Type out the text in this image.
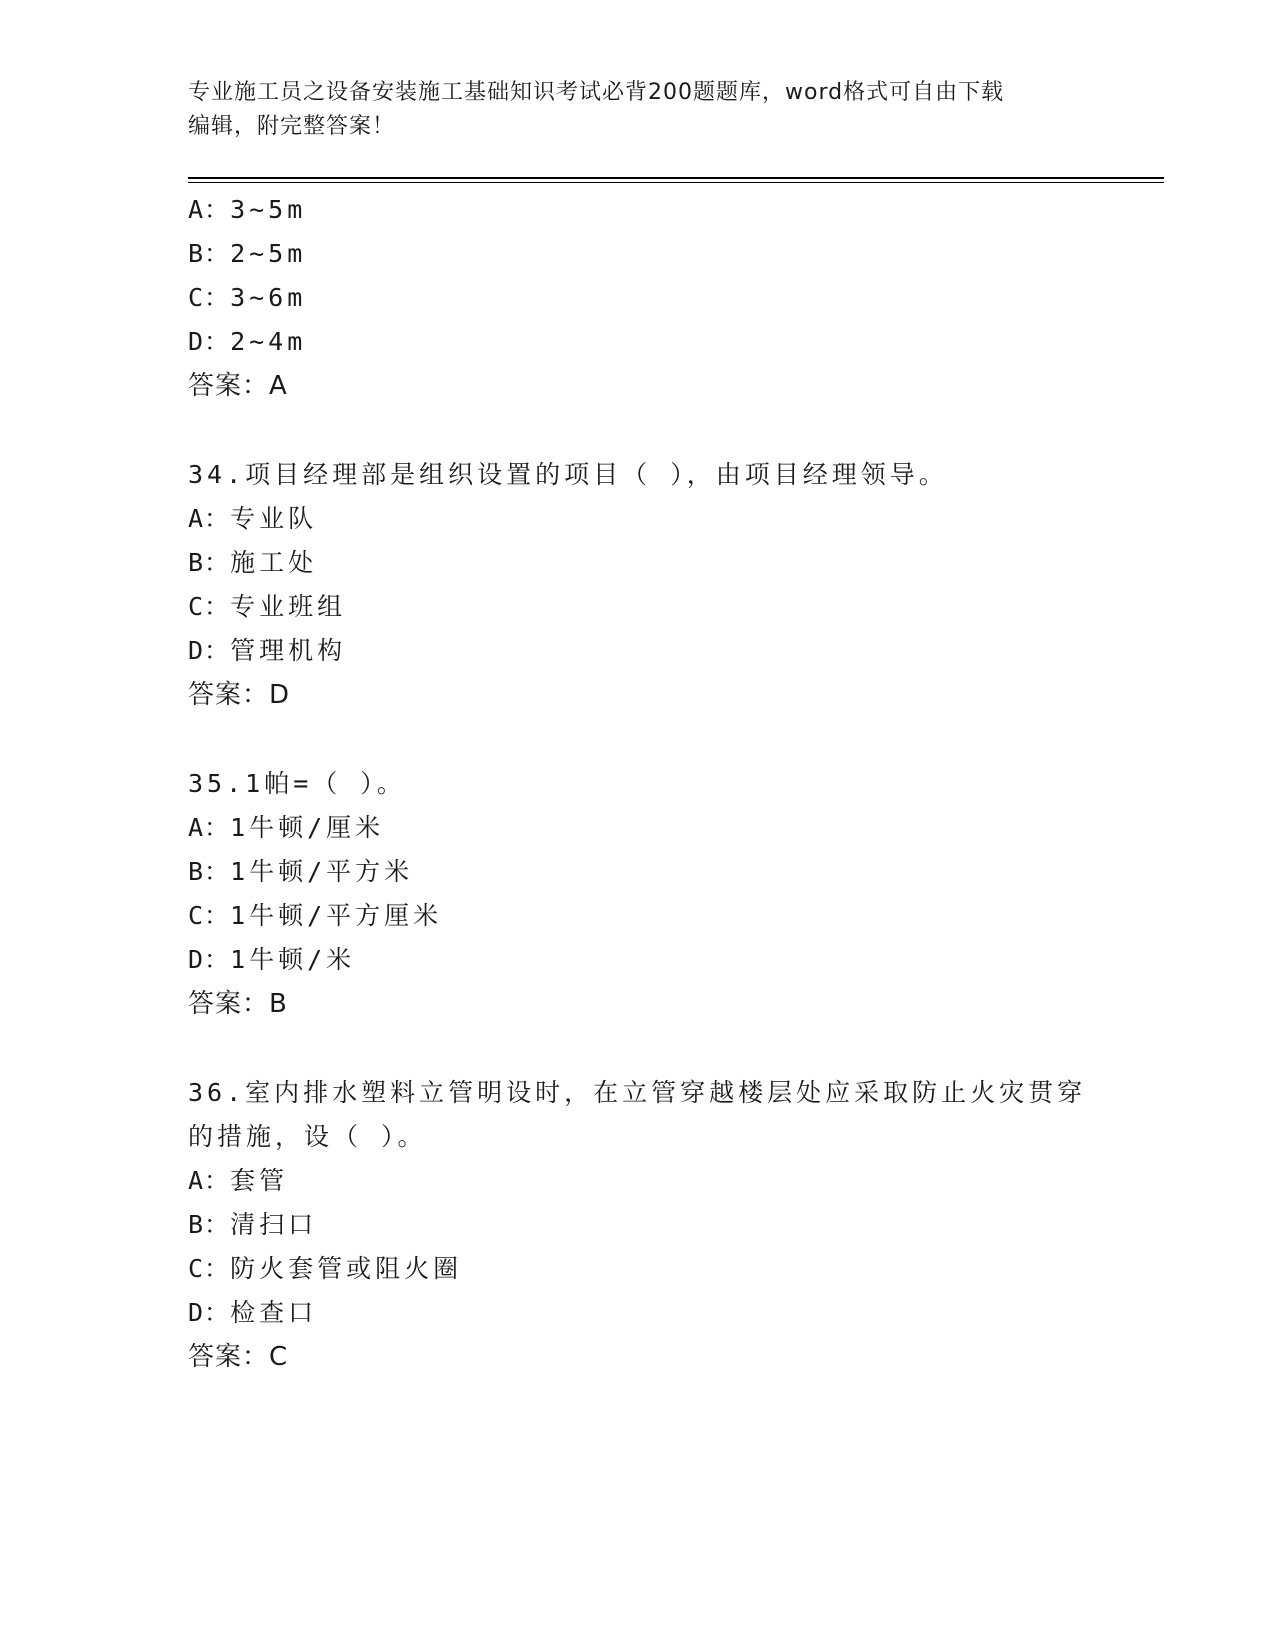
专业施工员之设备安装施工基础知识考试必背200题题库，word格式可自由下载
编辑，附完整答案！
A：3~5m
B：2~5m
C：3~6m
D：2~4m
答案：A
34.项目经理部是组织设置的项目（ ），由项目经理领导。
A：专业队
B：施工处
C：专业班组
D：管理机构
答案：D
35.1帕=（ ）。
A：1牛顿/厘米
B：1牛顿/平方米
C：1牛顿/平方厘米
D：1牛顿/米
答案：B
36.室内排水塑料立管明设时，在立管穿越楼层处应采取防止火灾贯穿
的措施，设（ ）。
A：套管
B：清扫口
C：防火套管或阻火圈
D：检查口
答案：C
